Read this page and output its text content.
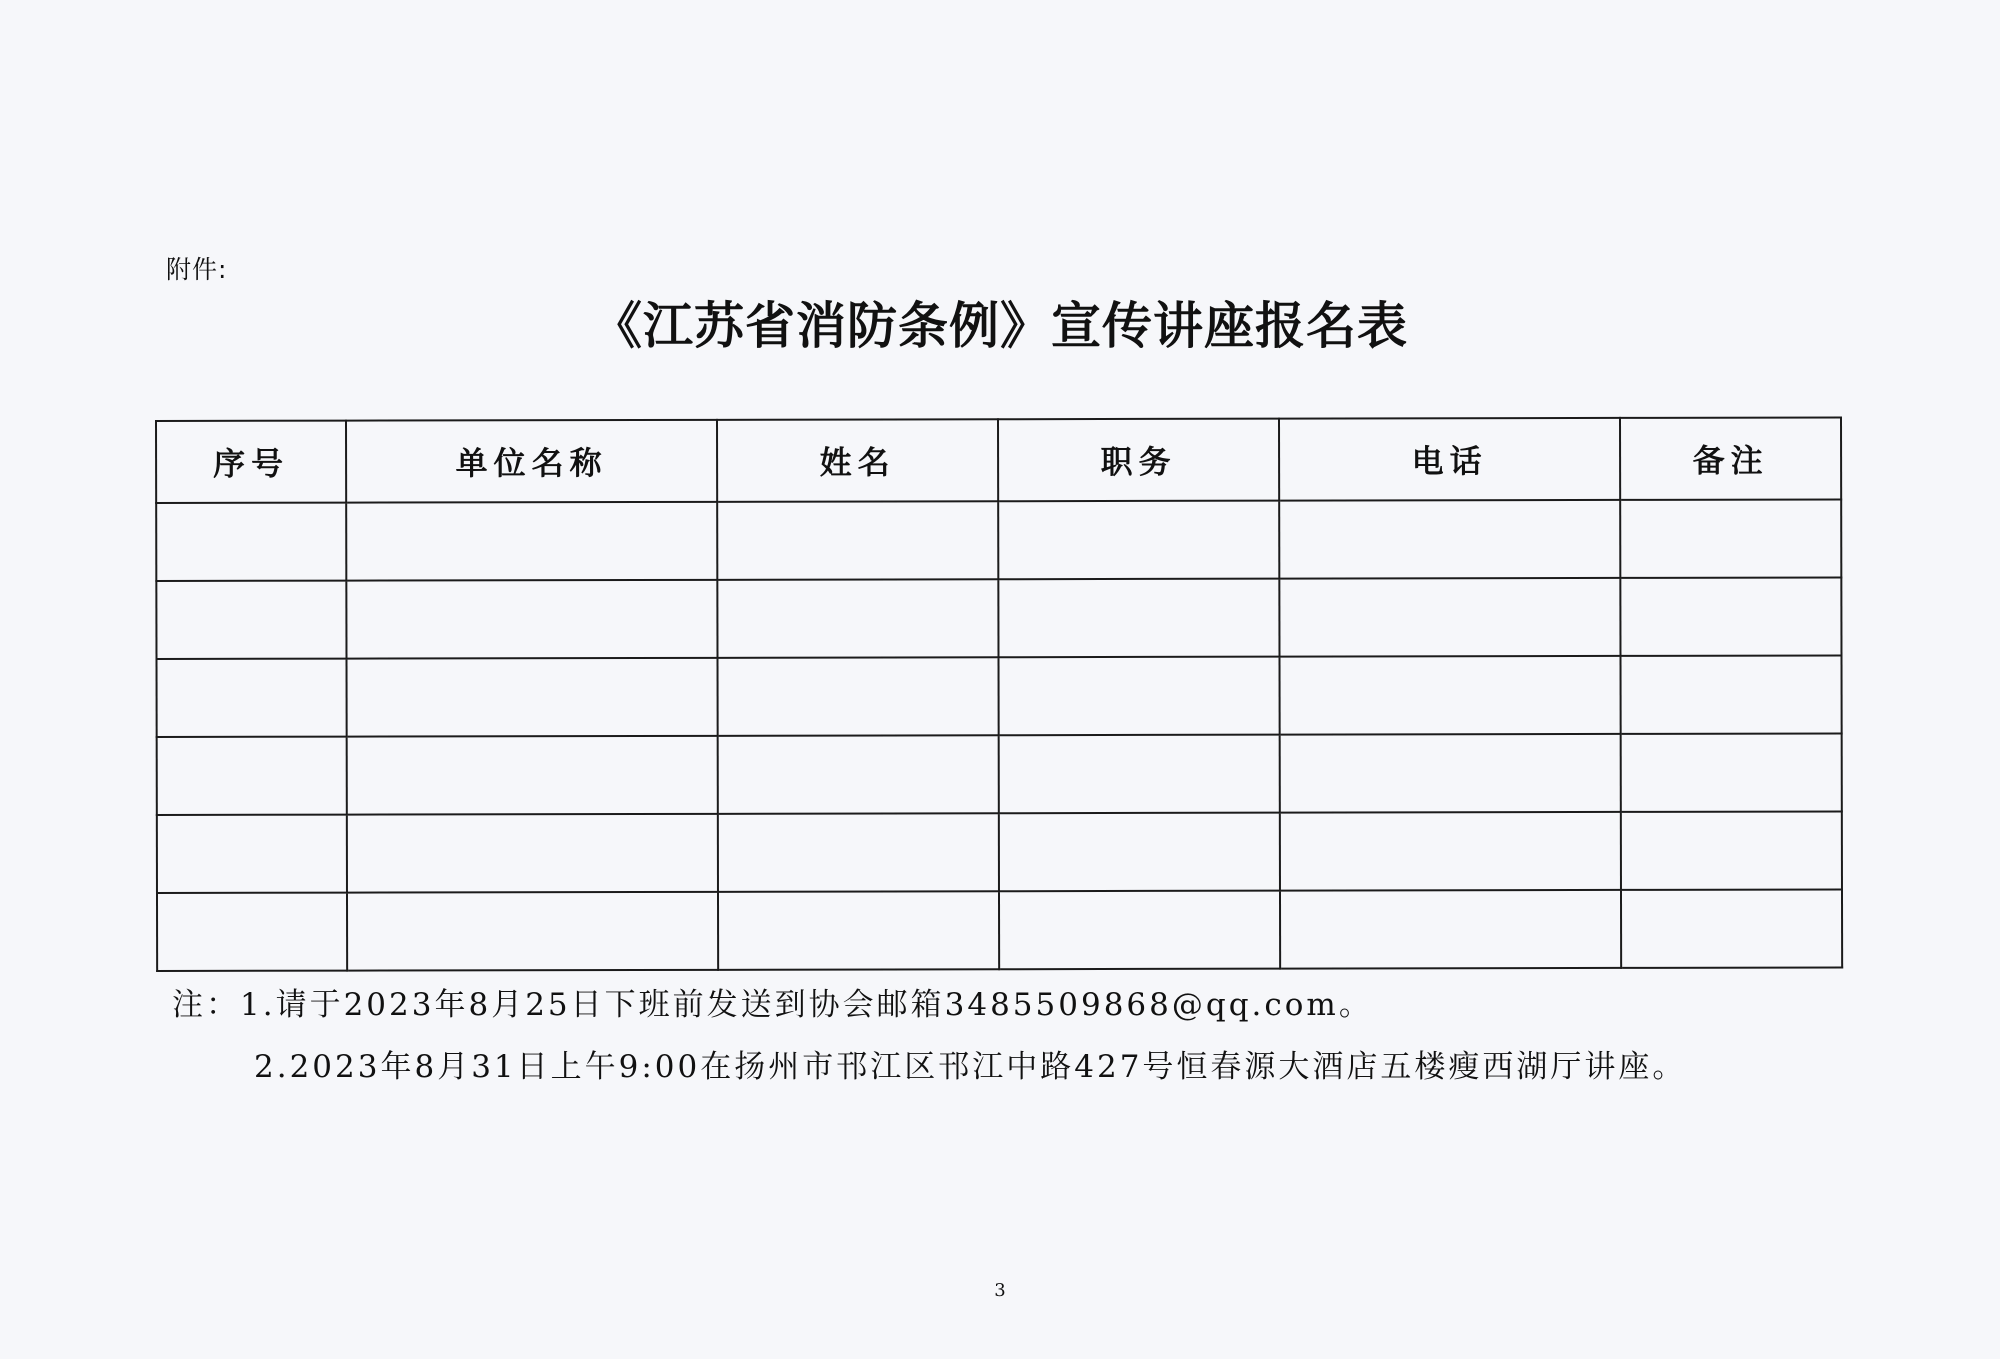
附件:
《江苏省消防条例》宣传讲座报名表
序号	单位名称	姓名	职务	电话	备注

注：1.请于2023年8月25日下班前发送到协会邮箱3485509868@qq.com。
2.2023年8月31日上午9:00在扬州市邗江区邗江中路427号恒春源大酒店五楼瘦西湖厅讲座。
3
